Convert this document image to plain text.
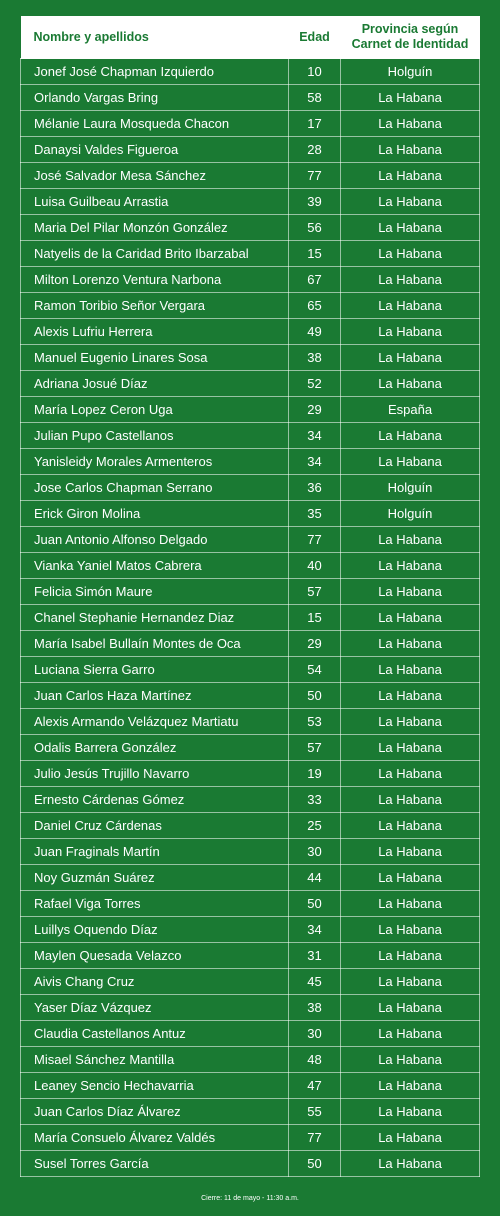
Nombre y apellidos	Edad	Provincia según
Carnet de Identidad
Jonef José Chapman Izquierdo	10	Holguín
Orlando Vargas Bring	58	La Habana
Mélanie Laura Mosqueda Chacon	17	La Habana
Danaysi Valdes Figueroa	28	La Habana
José Salvador Mesa Sánchez	77	La Habana
Luisa Guilbeau Arrastia	39	La Habana
Maria Del Pilar Monzón González	56	La Habana
Natyelis de la Caridad Brito Ibarzabal	15	La Habana
Milton Lorenzo Ventura Narbona	67	La Habana
Ramon Toribio Señor Vergara	65	La Habana
Alexis Lufriu Herrera	49	La Habana
Manuel Eugenio Linares Sosa	38	La Habana
Adriana Josué Díaz	52	La Habana
María Lopez Ceron Uga	29	España
Julian Pupo Castellanos	34	La Habana
Yanisleidy Morales Armenteros	34	La Habana
Jose Carlos Chapman Serrano	36	Holguín
Erick Giron Molina	35	Holguín
Juan Antonio Alfonso Delgado	77	La Habana
Vianka Yaniel Matos Cabrera	40	La Habana
Felicia Simón Maure	57	La Habana
Chanel Stephanie Hernandez Diaz	15	La Habana
María Isabel Bullaín Montes de Oca	29	La Habana
Luciana Sierra Garro	54	La Habana
Juan Carlos Haza Martínez	50	La Habana
Alexis Armando Velázquez Martiatu	53	La Habana
Odalis Barrera González	57	La Habana
Julio Jesús Trujillo Navarro	19	La Habana
Ernesto Cárdenas Gómez	33	La Habana
Daniel Cruz Cárdenas	25	La Habana
Juan Fraginals Martín	30	La Habana
Noy Guzmán Suárez	44	La Habana
Rafael Viga Torres	50	La Habana
Luillys Oquendo Díaz	34	La Habana
Maylen Quesada Velazco	31	La Habana
Aivis Chang Cruz	45	La Habana
Yaser Díaz Vázquez	38	La Habana
Claudia Castellanos Antuz	30	La Habana
Misael Sánchez Mantilla	48	La Habana
Leaney Sencio Hechavarria	47	La Habana
Juan Carlos Díaz Álvarez	55	La Habana
María Consuelo Álvarez Valdés	77	La Habana
Susel Torres García	50	La Habana
Cierre: 11 de mayo - 11:30 a.m.
